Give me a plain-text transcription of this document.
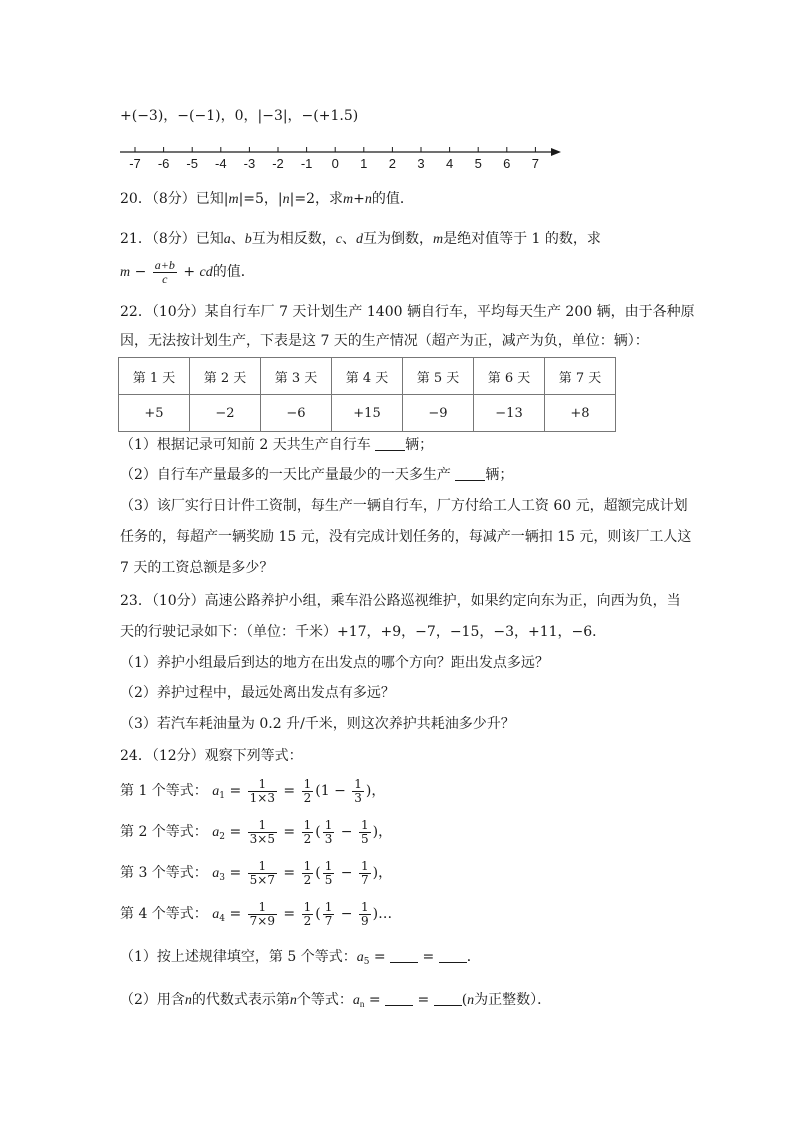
+(−3)，−(−1)，0，|−3|，−(+1.5)
-7 -6 -5 -4 -3 -2 -1 0 1 2 3 4 5 6 7
20．（8分）已知|m|=5，|n|=2，求m+n的值．
21．（8分）已知a、b互为相反数，c、d互为倒数，m是绝对值等于 1 的数，求
$m - \frac{a+b}{c}$ + cd的值．
22．（10分）某自行车厂 7 天计划生产 1400 辆自行车，平均每天生产 200 辆，由于各种原
因，无法按计划生产，下表是这 7 天的生产情况（超产为正，减产为负，单位：辆）：
第 1 天	第 2 天	第 3 天	第 4 天	第 5 天	第 6 天	第 7 天
+5	−2	−6	+15	−9	−13	+8
（1）根据记录可知前 2 天共生产自行车 辆；
（2）自行车产量最多的一天比产量最少的一天多生产 辆；
（3）该厂实行日计件工资制，每生产一辆自行车，厂方付给工人工资 60 元，超额完成计划
任务的，每超产一辆奖励 15 元，没有完成计划任务的，每减产一辆扣 15 元，则该厂工人这
7 天的工资总额是多少？
23．（10分）高速公路养护小组，乘车沿公路巡视维护，如果约定向东为正，向西为负，当
天的行驶记录如下：（单位：千米）+17，+9，−7，−15，−3，+11，−6．
（1）养护小组最后到达的地方在出发点的哪个方向？距出发点多远？
（2）养护过程中，最远处离出发点有多远？
（3）若汽车耗油量为 0.2 升/千米，则这次养护共耗油多少升？
24．（12分）观察下列等式：
第 1 个等式： $a_1 = \frac{1}{1\times 3} = \frac{1}{2} (1 - \frac{1}{3}$ )，
第 2 个等式： $a_2 = \frac{1}{3\times 5} = \frac{1}{2}$ ( $\frac{1}{3} - \frac{1}{5}$ )，
第 3 个等式： $a_3 = \frac{1}{5\times 7} = \frac{1}{2}$ ( $\frac{1}{5} - \frac{1}{7}$ )，
第 4 个等式： $a_4 = \frac{1}{7\times 9} = \frac{1}{2}$ ( $\frac{1}{7} - \frac{1}{9}$ )…
（1）按上述规律填空，第 5 个等式：$a_5$ =  = ．
（2）用含n的代数式表示第n个等式：$a_n$ =  = (n为正整数）．
